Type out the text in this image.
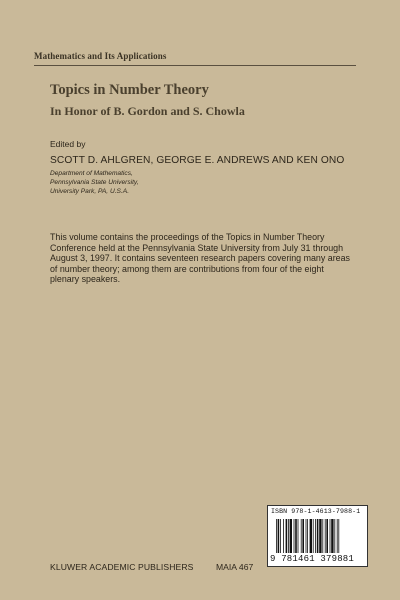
Mathematics and Its Applications
Topics in Number Theory
In Honor of B. Gordon and S. Chowla
Edited by
SCOTT D. AHLGREN, GEORGE E. ANDREWS AND KEN ONO
Department of Mathematics,
Pennsylvania State University,
University Park, PA, U.S.A.
This volume contains the proceedings of the Topics in Number Theory
Conference held at the Pennsylvania State University from July 31 through
August 3, 1997. It contains seventeen research papers covering many areas
of number theory; among them are contributions from four of the eight
plenary speakers.
ISBN 978-1-4613-7988-1
9 781461 379881
KLUWER ACADEMIC PUBLISHERS	MAIA 467
